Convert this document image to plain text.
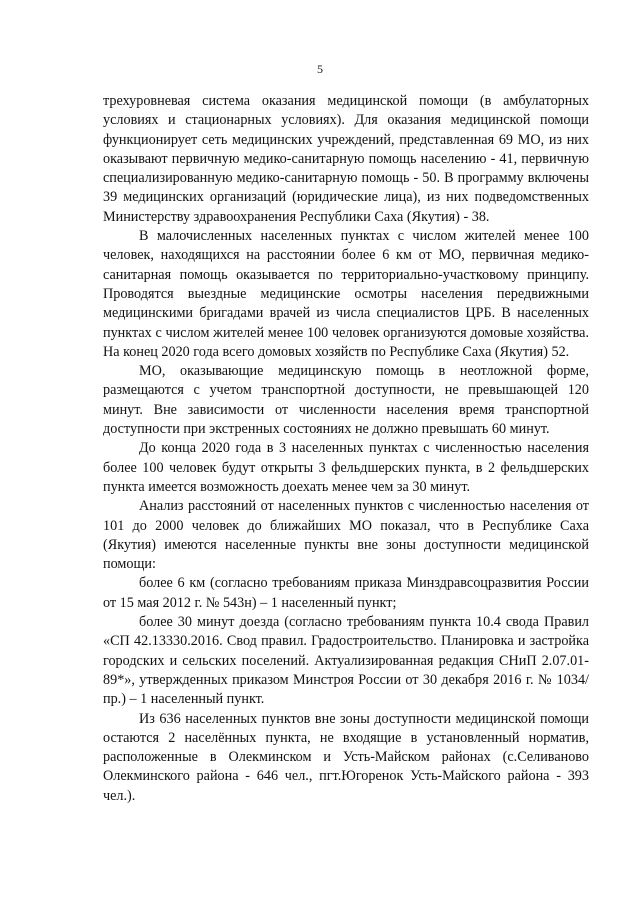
5

трехуровневая система оказания медицинской помощи (в амбулаторных условиях и стационарных условиях). Для оказания медицинской помощи функционирует сеть медицинских учреждений, представленная 69 МО, из них оказывают первичную медико-санитарную помощь населению - 41, первичную специализированную медико-санитарную помощь - 50. В программу включены 39 медицинских организаций (юридические лица), из них подведомственных Министерству здравоохранения Республики Саха (Якутия) - 38.

В малочисленных населенных пунктах с числом жителей менее 100 человек, находящихся на расстоянии более 6 км от МО, первичная медико-санитарная помощь оказывается по территориально-участковому принципу. Проводятся выездные медицинские осмотры населения передвижными медицинскими бригадами врачей из числа специалистов ЦРБ. В населенных пунктах с числом жителей менее 100 человек организуются домовые хозяйства. На конец 2020 года всего домовых хозяйств по Республике Саха (Якутия) 52.

МО, оказывающие медицинскую помощь в неотложной форме, размещаются с учетом транспортной доступности, не превышающей 120 минут. Вне зависимости от численности населения время транспортной доступности при экстренных состояниях не должно превышать 60 минут.

До конца 2020 года в 3 населенных пунктах с численностью населения более 100 человек будут открыты 3 фельдшерских пункта, в 2 фельдшерских пункта имеется возможность доехать менее чем за 30 минут.

Анализ расстояний от населенных пунктов с численностью населения от 101 до 2000 человек до ближайших МО показал, что в Республике Саха (Якутия) имеются населенные пункты вне зоны доступности медицинской помощи:

более 6 км (согласно требованиям приказа Минздравсоцразвития России от 15 мая 2012 г. № 543н) – 1 населенный пункт;

более 30 минут доезда (согласно требованиям пункта 10.4 свода Правил «СП 42.13330.2016. Свод правил. Градостроительство. Планировка и застройка городских и сельских поселений. Актуализированная редакция СНиП 2.07.01-89*», утвержденных приказом Минстроя России от 30 декабря 2016 г. № 1034/пр.) – 1 населенный пункт.

Из 636 населенных пунктов вне зоны доступности медицинской помощи остаются 2 населённых пункта, не входящие в установленный норматив, расположенные в Олекминском и Усть-Майском районах (с.Селиваново Олекминского района - 646 чел., пгт.Югоренок Усть-Майского района - 393 чел.).
